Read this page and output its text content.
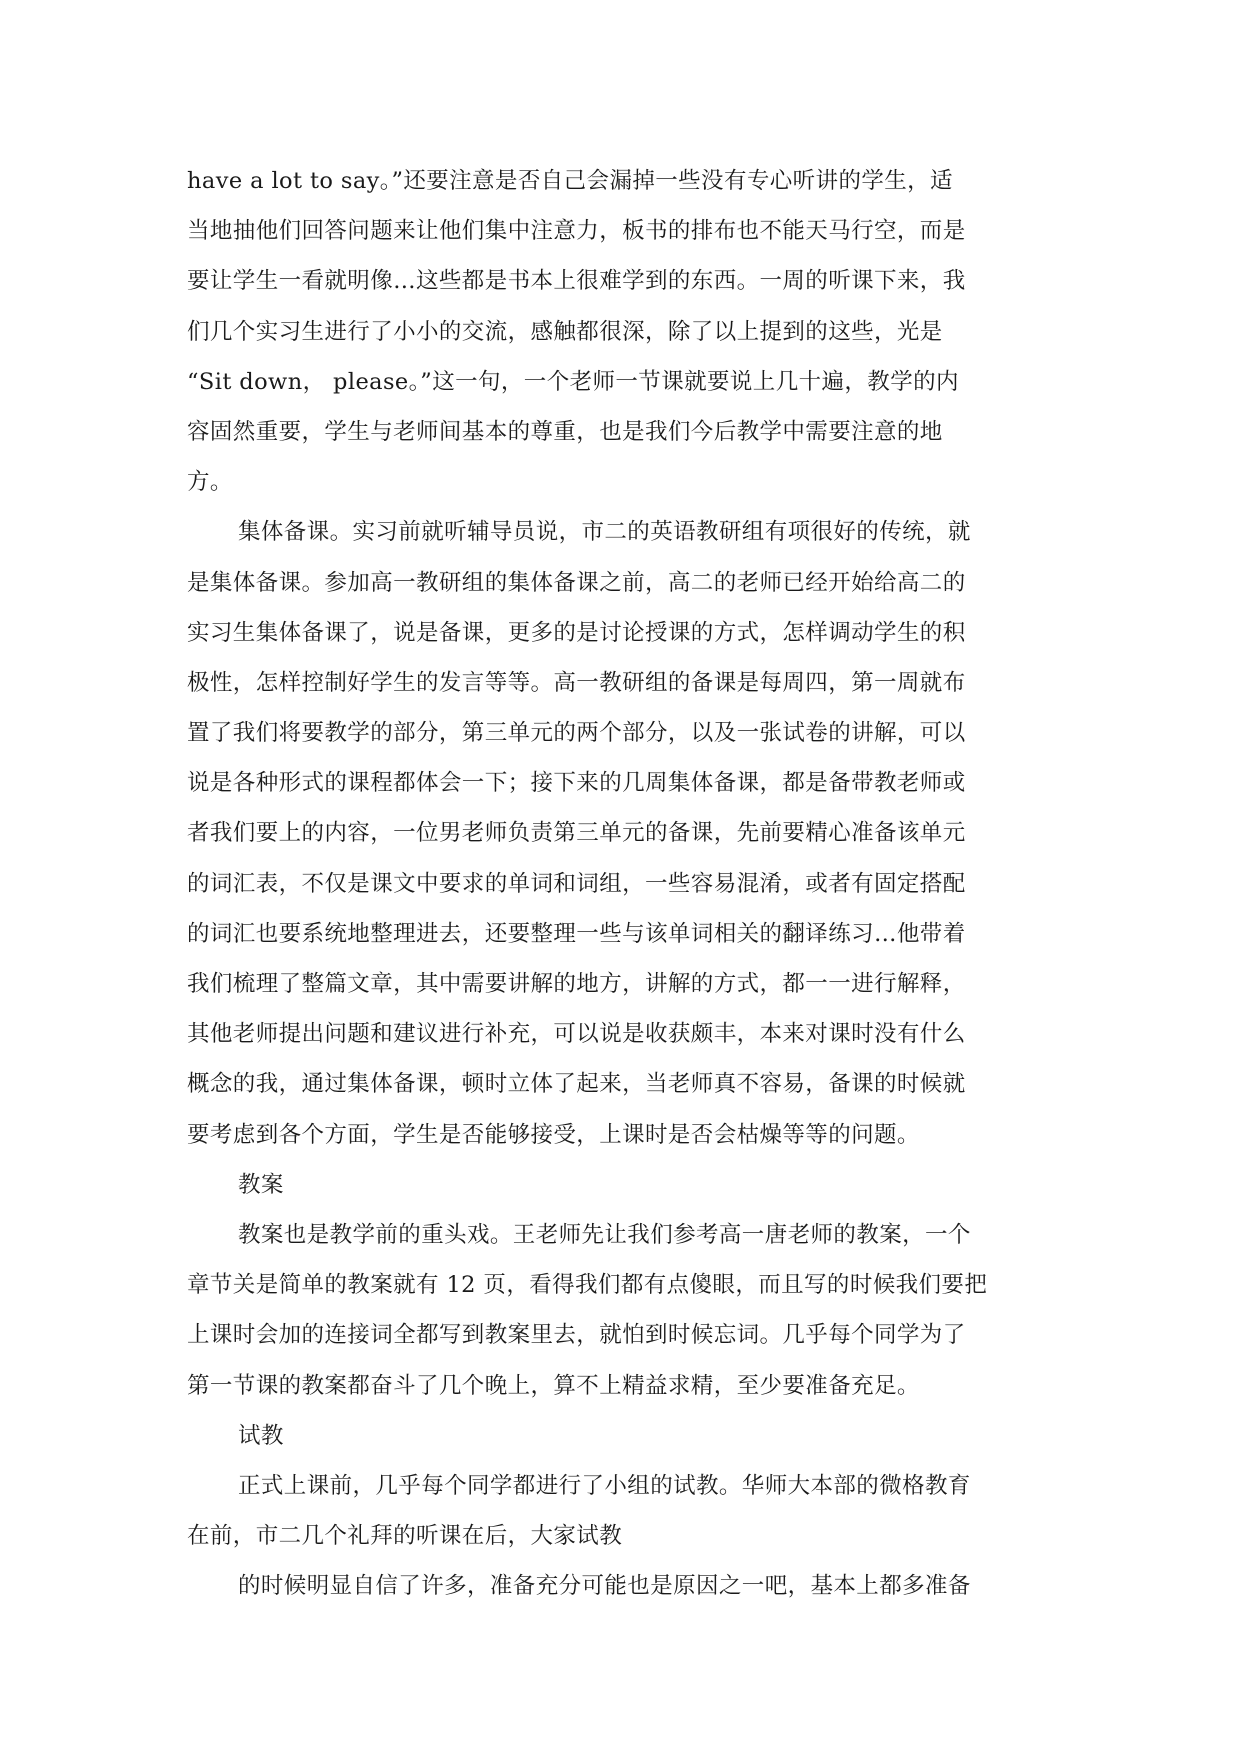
have a lot to say。”还要注意是否自己会漏掉一些没有专心听讲的学生，适
当地抽他们回答问题来让他们集中注意力，板书的排布也不能天马行空，而是
要让学生一看就明像…这些都是书本上很难学到的东西。一周的听课下来，我
们几个实习生进行了小小的交流，感触都很深，除了以上提到的这些，光是
“Sit down， please。”这一句，一个老师一节课就要说上几十遍，教学的内
容固然重要，学生与老师间基本的尊重，也是我们今后教学中需要注意的地
方。
集体备课。实习前就听辅导员说，市二的英语教研组有项很好的传统，就
是集体备课。参加高一教研组的集体备课之前，高二的老师已经开始给高二的
实习生集体备课了，说是备课，更多的是讨论授课的方式，怎样调动学生的积
极性，怎样控制好学生的发言等等。高一教研组的备课是每周四，第一周就布
置了我们将要教学的部分，第三单元的两个部分，以及一张试卷的讲解，可以
说是各种形式的课程都体会一下；接下来的几周集体备课，都是备带教老师或
者我们要上的内容，一位男老师负责第三单元的备课，先前要精心准备该单元
的词汇表，不仅是课文中要求的单词和词组，一些容易混淆，或者有固定搭配
的词汇也要系统地整理进去，还要整理一些与该单词相关的翻译练习…他带着
我们梳理了整篇文章，其中需要讲解的地方，讲解的方式，都一一进行解释，
其他老师提出问题和建议进行补充，可以说是收获颇丰，本来对课时没有什么
概念的我，通过集体备课，顿时立体了起来，当老师真不容易，备课的时候就
要考虑到各个方面，学生是否能够接受，上课时是否会枯燥等等的问题。
教案
教案也是教学前的重头戏。王老师先让我们参考高一唐老师的教案，一个
章节关是简单的教案就有 12 页，看得我们都有点傻眼，而且写的时候我们要把
上课时会加的连接词全都写到教案里去，就怕到时候忘词。几乎每个同学为了
第一节课的教案都奋斗了几个晚上，算不上精益求精，至少要准备充足。
试教
正式上课前，几乎每个同学都进行了小组的试教。华师大本部的微格教育
在前，市二几个礼拜的听课在后，大家试教
的时候明显自信了许多，准备充分可能也是原因之一吧，基本上都多准备
